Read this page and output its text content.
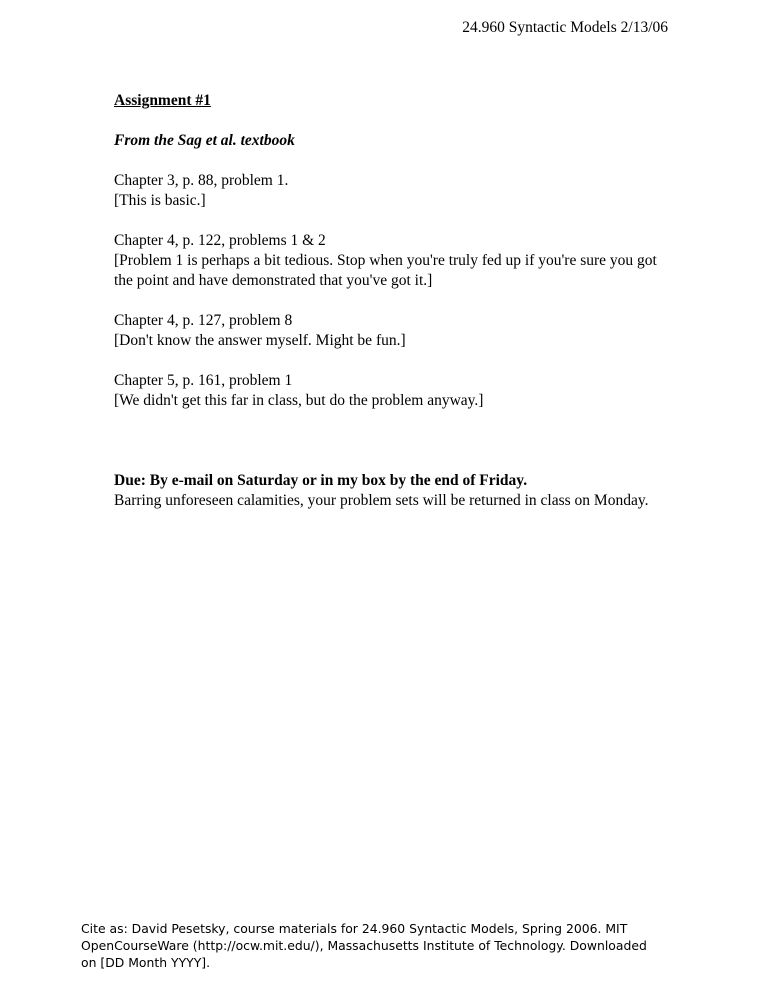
24.960 Syntactic Models 2/13/06

Assignment #1

From the Sag et al. textbook

Chapter 3, p. 88, problem 1.

[This is basic.]

Chapter 4, p. 122, problems 1 & 2

[Problem 1 is perhaps a bit tedious. Stop when you're truly fed up if you're sure you got the point and have demonstrated that you've got it.]

Chapter 4, p. 127, problem 8

[Don't know the answer myself. Might be fun.]

Chapter 5, p. 161, problem 1

[We didn't get this far in class, but do the problem anyway.]

Due: By e-mail on Saturday or in my box by the end of Friday.

Barring unforeseen calamities, your problem sets will be returned in class on Monday.

Cite as: David Pesetsky, course materials for 24.960 Syntactic Models, Spring 2006. MIT
OpenCourseWare (http://ocw.mit.edu/), Massachusetts Institute of Technology. Downloaded
on [DD Month YYYY].
